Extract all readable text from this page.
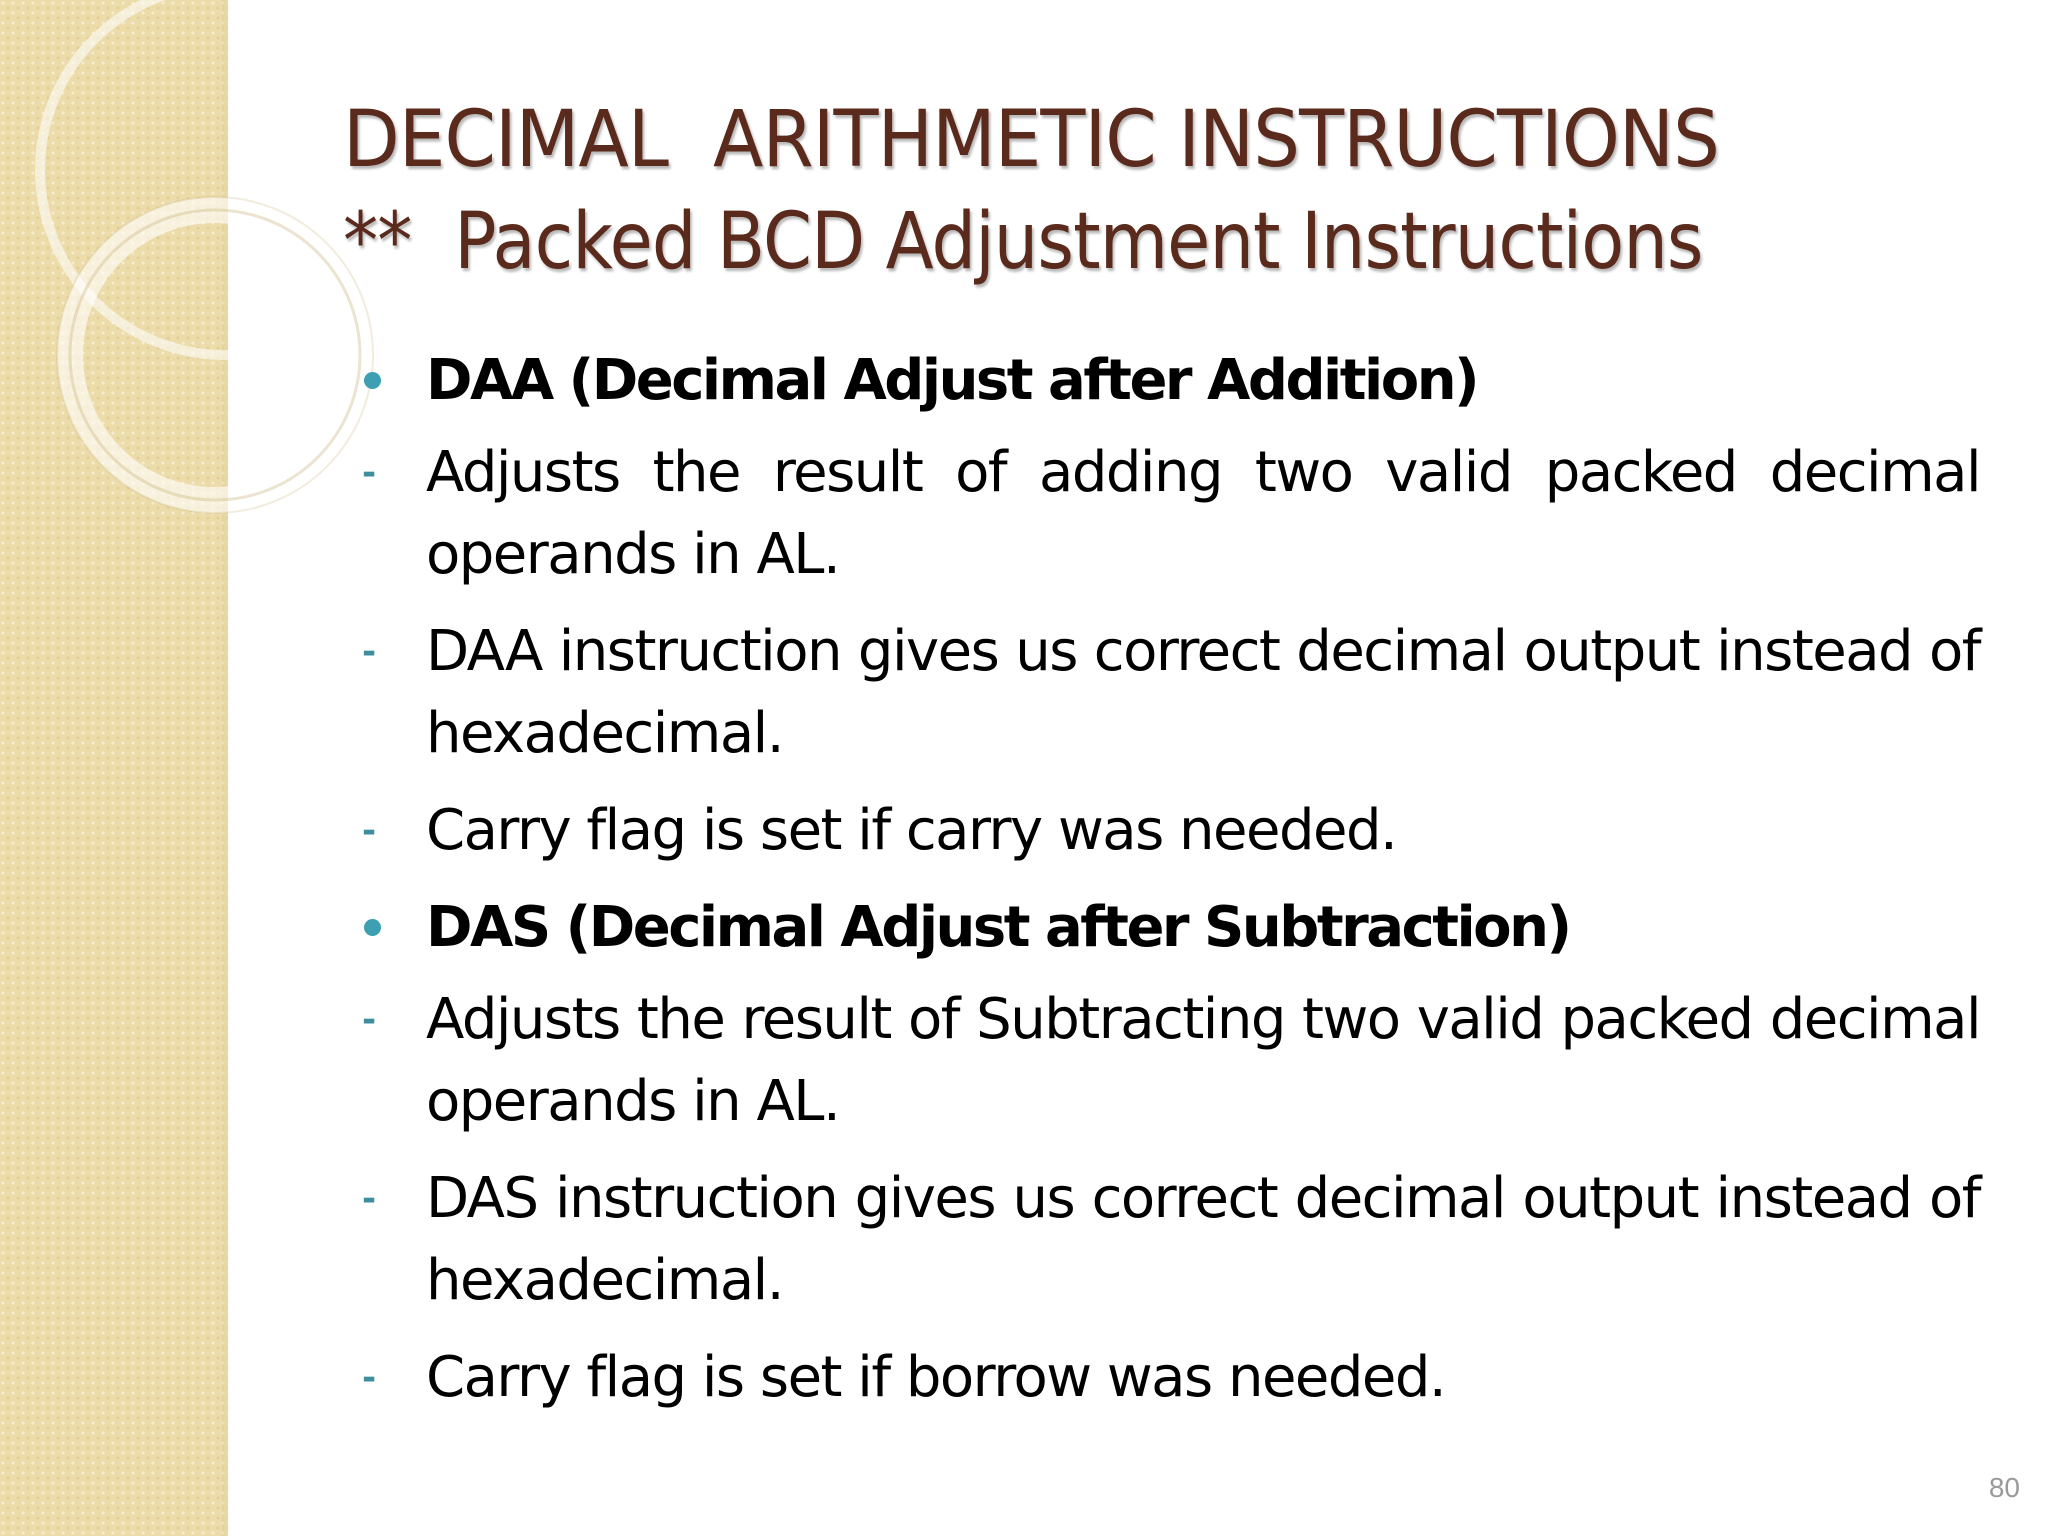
DECIMAL  ARITHMETIC INSTRUCTIONS
**  Packed BCD Adjustment Instructions
DAA (Decimal Adjust after Addition)
- Adjusts the result of adding two valid packed decimal operands in AL.
- DAA instruction gives us correct decimal output instead of hexadecimal.
- Carry flag is set if carry was needed.
DAS (Decimal Adjust after Subtraction)
- Adjusts the result of Subtracting two valid packed decimal operands in AL.
- DAS instruction gives us correct decimal output instead of hexadecimal.
- Carry flag is set if borrow was needed.
80
